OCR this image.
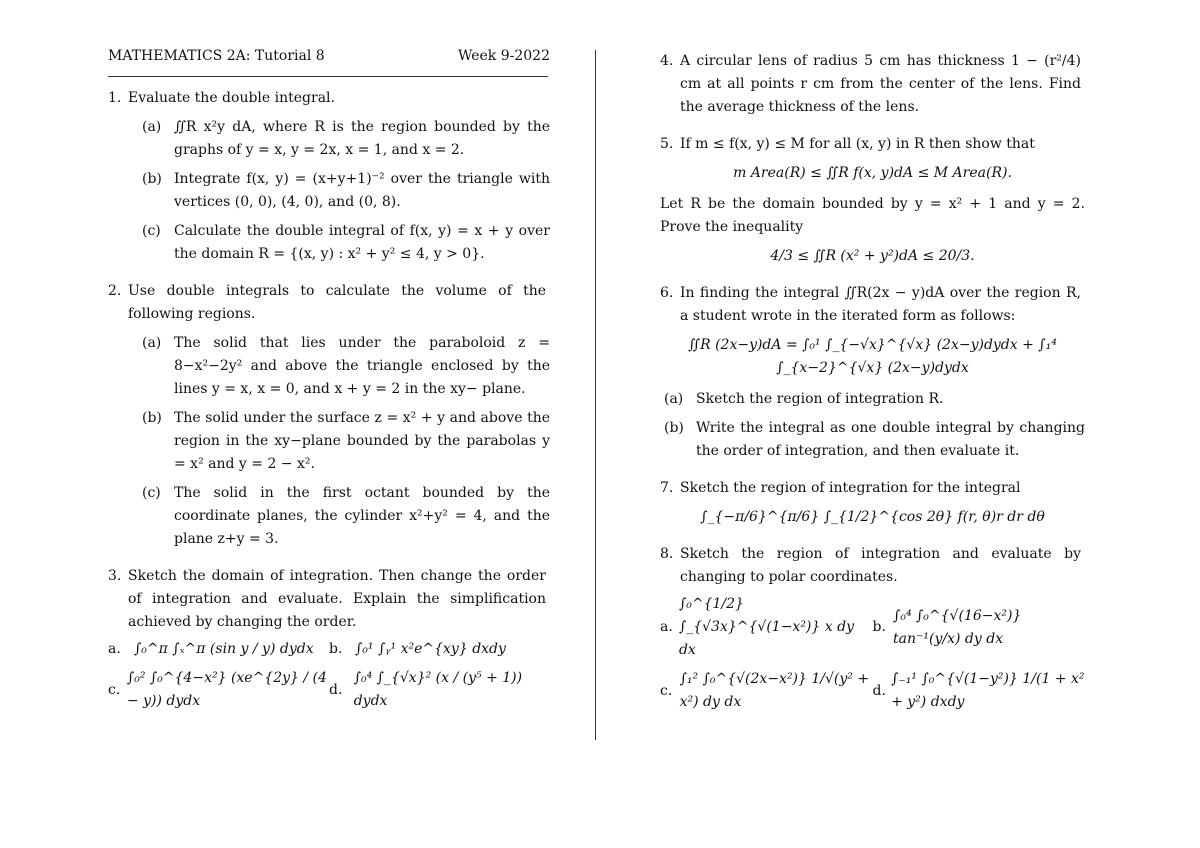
MATHEMATICS 2A: Tutorial 8	Week 9-2022
1. Evaluate the double integral.
(a) ∬R x²y dA, where R is the region bounded by the graphs of y = x, y = 2x, x = 1, and x = 2.
(b) Integrate f(x, y) = (x+y+1)⁻² over the triangle with vertices (0, 0), (4, 0), and (0, 8).
(c) Calculate the double integral of f(x, y) = x + y over the domain R = {(x, y) : x² + y² ≤ 4, y > 0}.
2. Use double integrals to calculate the volume of the following regions.
(a) The solid that lies under the paraboloid z = 8−x²−2y² and above the triangle enclosed by the lines y = x, x = 0, and x + y = 2 in the xy− plane.
(b) The solid under the surface z = x² + y and above the region in the xy−plane bounded by the parabolas y = x² and y = 2 − x².
(c) The solid in the first octant bounded by the coordinate planes, the cylinder x²+y² = 4, and the plane z+y = 3.
3. Sketch the domain of integration. Then change the order of integration and evaluate. Explain the simplification achieved by changing the order.
a. ∫₀^π ∫ₓ^π (sin y / y) dydx b. ∫₀¹ ∫ᵧ¹ x²e^{xy} dxdy
c.
∫₀² ∫₀^{4−x²} (xe^{2y} / (4 − y)) dydx
d.
∫₀⁴ ∫_{√x}² (x / (y⁵ + 1)) dydx
4. A circular lens of radius 5 cm has thickness 1 − (r²/4) cm at all points r cm from the center of the lens. Find the average thickness of the lens.
5. If m ≤ f(x, y) ≤ M for all (x, y) in R then show that
m Area(R) ≤ ∬R f(x, y)dA ≤ M Area(R).
Let R be the domain bounded by y = x² + 1 and y = 2. Prove the inequality
4/3 ≤ ∬R (x² + y²)dA ≤ 20/3.
6. In finding the integral ∬R(2x − y)dA over the region R, a student wrote in the iterated form as follows:
∬R (2x−y)dA = ∫₀¹ ∫_{−√x}^{√x} (2x−y)dydx + ∫₁⁴ ∫_{x−2}^{√x} (2x−y)dydx
(a) Sketch the region of integration R.
(b) Write the integral as one double integral by changing the order of integration, and then evaluate it.
7. Sketch the region of integration for the integral
∫_{−π/6}^{π/6} ∫_{1/2}^{cos 2θ} f(r, θ)r dr dθ
8. Sketch the region of integration and evaluate by changing to polar coordinates.
a.
∫₀^{1/2} ∫_{√3x}^{√(1−x²)} x dy dx
b.
∫₀⁴ ∫₀^{√(16−x²)} tan⁻¹(y/x) dy dx
c.
∫₁² ∫₀^{√(2x−x²)} 1/√(y² + x²) dy dx
d.
∫₋₁¹ ∫₀^{√(1−y²)} 1/(1 + x² + y²) dxdy
